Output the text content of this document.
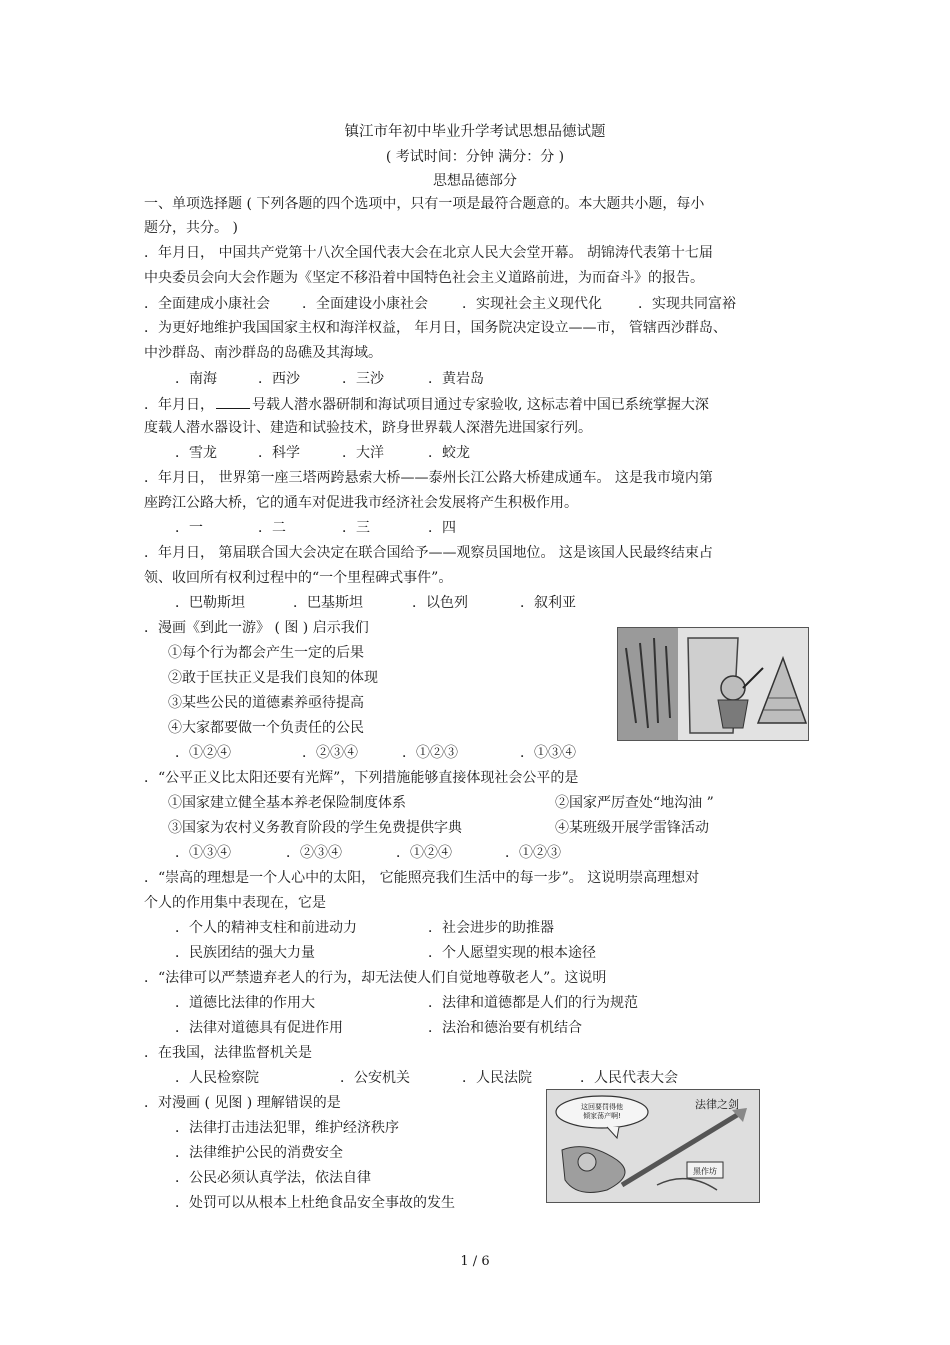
镇江市年初中毕业升学考试思想品德试题
( 考试时间：分钟 满分：分 )
思想品德部分
一、单项选择题 ( 下列各题的四个选项中，只有一项是最符合题意的。本大题共小题，每小
题分，共分。 )
．年月日， 中国共产党第十八次全国代表大会在北京人民大会堂开幕。 胡锦涛代表第十七届
中央委员会向大会作题为《坚定不移沿着中国特色社会主义道路前进，为而奋斗》的报告。
．全面建成小康社会 ．全面建设小康社会 ．实现社会主义现代化	．实现共同富裕
．为更好地维护我国国家主权和海洋权益， 年月日，国务院决定设立——市， 管辖西沙群岛、
中沙群岛、南沙群岛的岛礁及其海域。
．南海	．西沙	．三沙	．黄岩岛
．年月日，	号载人潜水器研制和海试项目通过专家验收, 这标志着中国已系统掌握大深
度载人潜水器设计、建造和试验技术，跻身世界载人深潜先进国家行列。
．雪龙	．科学	．大洋	．蛟龙
．年月日， 世界第一座三塔两跨悬索大桥——泰州长江公路大桥建成通车。 这是我市境内第
座跨江公路大桥，它的通车对促进我市经济社会发展将产生积极作用。
．一	．二	．三	．四
．年月日， 第届联合国大会决定在联合国给予——观察员国地位。 这是该国人民最终结束占
领、收回所有权利过程中的“一个里程碑式事件”。
．巴勒斯坦	．巴基斯坦	．以色列	．叙利亚
．漫画《到此一游》 ( 图 ) 启示我们
①每个行为都会产生一定的后果
②敢于匡扶正义是我们良知的体现
③某些公民的道德素养亟待提高
④大家都要做一个负责任的公民
．①②④	．②③④	．①②③	．①③④
．“公平正义比太阳还要有光辉”，下列措施能够直接体现社会公平的是
①国家建立健全基本养老保险制度体系	②国家严厉查处“地沟油 ”
③国家为农村义务教育阶段的学生免费提供字典	④某班级开展学雷锋活动
．①③④	．②③④	．①②④	．①②③
．“崇高的理想是一个人心中的太阳， 它能照亮我们生活中的每一步”。 这说明崇高理想对
个人的作用集中表现在，它是
．个人的精神支柱和前进动力	．社会进步的助推器
．民族团结的强大力量	．个人愿望实现的根本途径
．“法律可以严禁遗弃老人的行为，却无法使人们自觉地尊敬老人”。这说明
．道德比法律的作用大	．法律和道德都是人们的行为规范
．法律对道德具有促进作用	．法治和德治要有机结合
．在我国，法律监督机关是
．人民检察院	．公安机关	．人民法院	．人民代表大会
．对漫画 ( 见图 ) 理解错误的是
．法律打击违法犯罪，维护经济秩序
．法律维护公民的消费安全
．公民必须认真学法，依法自律
．处罚可以从根本上杜绝食品安全事故的发生
这回要罚得他
倾家荡产啊!
法律之剑
黑作坊
1 / 6
